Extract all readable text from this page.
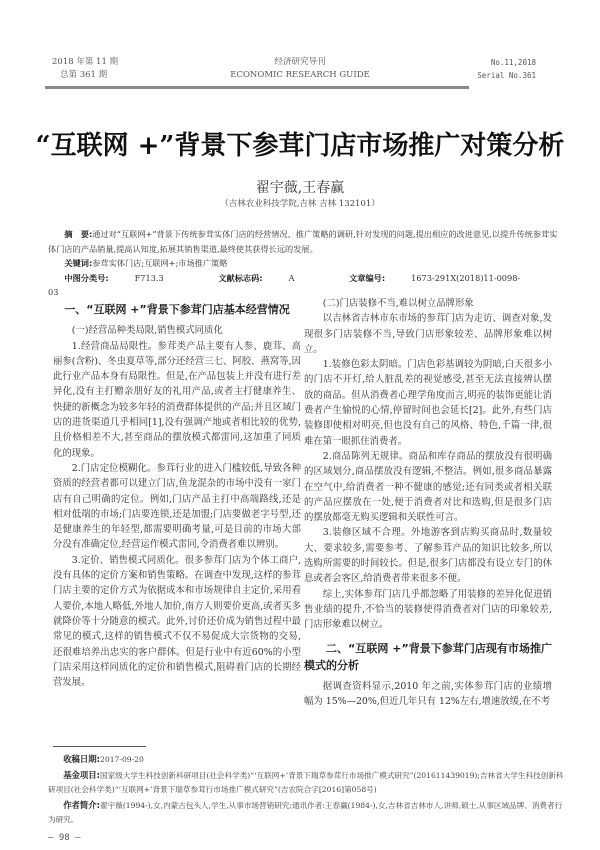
2018 年第 11 期
总第 361 期
经济研究导刊
ECONOMIC RESEARCH GUIDE
No.11,2018
Serial No.361
“互联网 +”背景下参茸门店市场推广对策分析
翟宇薇,王春赢
（吉林农业科技学院,吉林 吉林 132101）

摘　要:通过对“互联网+”背景下传统参茸实体门店的经营情况、推广策略的调研,针对发现的问题,提出相应的改进意见,以提升传统参茸实体门店的产品销量,提高认知度,拓展其销售渠道,最终使其获得长远的发展。

关键词:参茸实体门店;互联网+;市场推广策略

中图分类号:	F713.3	文献标志码:	A	文章编号:	1673-291X(2018)11-0098-03

一、“互联网 +”背景下参茸门店基本经营情况

(一)经营品种类局限,销售模式同质化

1.经营商品局限性。参茸类产品主要有人参、鹿茸、高丽参(含粉)、冬虫夏草等,部分还经营三七、阿胶、燕窝等,因此行业产品本身有局限性。但是,在产品包装上并没有进行差异化,没有主打赠亲朋好友的礼用产品,或者主打健康养生、快捷的新概念为较多年轻的消费群体提供的产品;并且区域门店的进货渠道几乎相同[1],没有强调产地或者相比较的优势,且价格相差不大,甚至商品的摆放模式都雷同,这加重了同质化的现象。

2.门店定位模糊化。参茸行业的进入门槛较低,导致各种资质的经营者都可以建立门店,鱼龙混杂的市场中没有一家门店有自己明确的定位。例如,门店产品主打中高端路线,还是相对低端的市场;门店要连锁,还是加盟;门店要做老字号型,还是健康养生的年轻型,都需要明确考量,可是目前的市场大部分没有准确定位,经营运作模式雷同,令消费者难以辨别。

3.定价、销售模式同质化。很多参茸门店为个体工商户,没有具体的定价方案和销售策略。在调查中发现,这样的参茸门店主要的定价方式为依据成本和市场规律自主定价,采用看人要价,本地人略低,外地人加价,南方人则要价更高,或者买多就降价等十分随意的模式。此外,讨价还价成为销售过程中最常见的模式,这样的销售模式不仅不易促成大宗货物的交易,还很难培养出忠实的客户群体。但是行业中有近60%的小型门店采用这样同质化的定价和销售模式,阻碍着门店的长期经营发展。

(二)门店装修不当,难以树立品牌形象

以吉林省吉林市东市场的参茸门店为走访、调查对象,发现很多门店装修不当,导致门店形象较差、品牌形象难以树立。

1.装修色彩太阴暗。门店色彩基调较为阴暗,白天很多小的门店不开灯,给人脏乱差的视觉感受,甚至无法直接辨认摆放的商品。但从消费者心理学角度而言,明亮的装饰更能让消费者产生愉悦的心情,停留时间也会延长[2]。此外,有些门店装修即使相对明亮,但也没有自己的风格、特色,千篇一律,很难在第一眼抓住消费者。

2.商品陈列无规律。商品和库存商品的摆放没有很明确的区域划分,商品摆放没有逻辑,不整洁。例如,很多商品暴露在空气中,给消费者一种不健康的感觉;还有同类或者相关联的产品应摆放在一处,便于消费者对比和选购,但是很多门店的摆放都毫无购买逻辑和关联性可言。

3.装修区域不合理。外地游客到店购买商品时,数量较大、要求较多,需要参考、了解参茸产品的知识比较多,所以选购所需要的时间较长。但是,很多门店都没有设立专门的休息或者会客区,给消费者带来很多不便。

综上,实体参茸门店几乎都忽略了用装修的差异化促进销售业绩的提升,不恰当的装修使得消费者对门店的印象较差,门店形象难以树立。

二、“互联网 +”背景下参茸门店现有市场推广模式的分析

据调查资料显示,2010 年之前,实体参茸门店的业绩增幅为 15%—20%,但近几年只有 12%左右,增速放缓,在不考

收稿日期:2017-09-20

基金项目:国家级大学生科技创新科研项目(社会科学类)“‘互联网+’背景下瑞草参茸行市场推广模式研究”(201611439019);吉林省大学生科技创新科研项目(社会科学类)“‘互联网+’背景下瑞草参茸行市场推广模式研究”(吉农院合字[2016]第058号)

作者简介:翟宇薇(1994-),女,内蒙古包头人,学生,从事市场营销研究;通讯作者:王春赢(1984-),女,吉林省吉林市人,讲师,硕士,从事区域品牌、消费者行为研究。

— 98 —
